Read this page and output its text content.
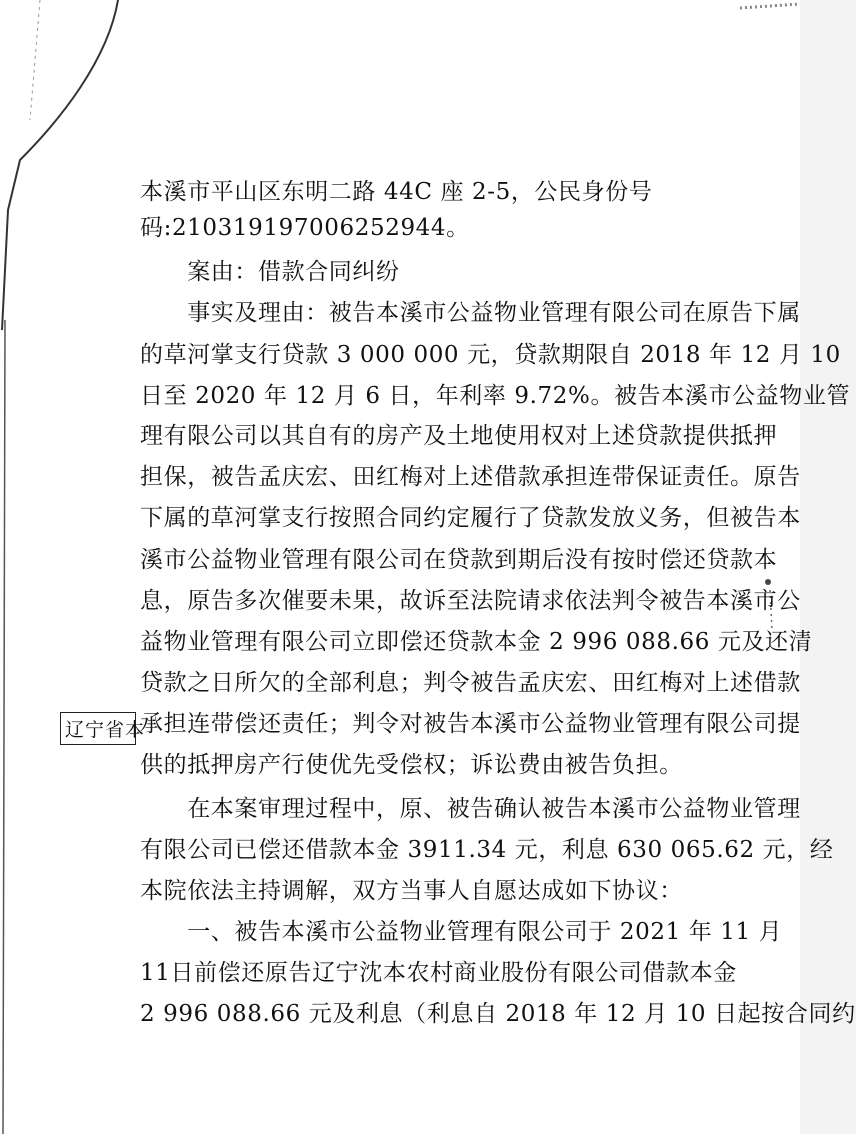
本溪市平山区东明二路 44C 座 2-5，公民身份号

码:210319197006252944。

　　案由：借款合同纠纷

　　事实及理由：被告本溪市公益物业管理有限公司在原告下属

的草河掌支行贷款 3 000 000 元，贷款期限自 2018 年 12 月 10

日至 2020 年 12 月 6 日，年利率 9.72%。被告本溪市公益物业管

理有限公司以其自有的房产及土地使用权对上述贷款提供抵押

担保，被告孟庆宏、田红梅对上述借款承担连带保证责任。原告

下属的草河掌支行按照合同约定履行了贷款发放义务，但被告本

溪市公益物业管理有限公司在贷款到期后没有按时偿还贷款本

息，原告多次催要未果，故诉至法院请求依法判令被告本溪市公

益物业管理有限公司立即偿还贷款本金 2 996 088.66 元及还清

贷款之日所欠的全部利息；判令被告孟庆宏、田红梅对上述借款

承担连带偿还责任；判令对被告本溪市公益物业管理有限公司提

供的抵押房产行使优先受偿权；诉讼费由被告负担。

　　在本案审理过程中，原、被告确认被告本溪市公益物业管理

有限公司已偿还借款本金 3911.34 元，利息 630 065.62 元，经

本院依法主持调解，双方当事人自愿达成如下协议：

　　一、被告本溪市公益物业管理有限公司于 2021 年 11 月

11日前偿还原告辽宁沈本农村商业股份有限公司借款本金

2 996 088.66 元及利息（利息自 2018 年 12 月 10 日起按合同约

辽宁省本
